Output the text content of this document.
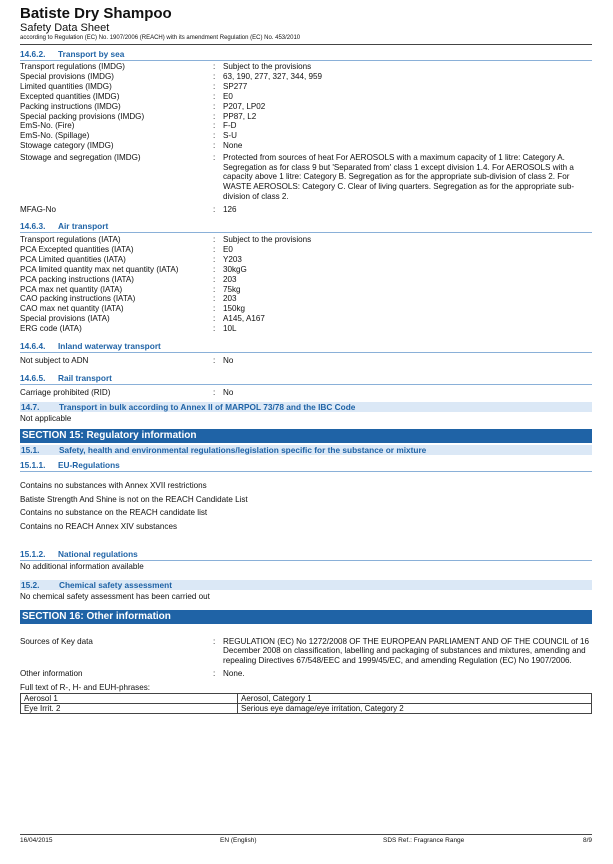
Batiste Dry Shampoo
Safety Data Sheet
according to Regulation (EC) No. 1907/2006 (REACH) with its amendment Regulation (EC) No. 453/2010
14.6.2. Transport by sea
Transport regulations (IMDG)	: Subject to the provisions
Special provisions (IMDG)	: 63, 190, 277, 327, 344, 959
Limited quantities (IMDG)	: SP277
Excepted quantities (IMDG)	: E0
Packing instructions (IMDG)	: P207, LP02
Special packing provisions (IMDG)	: PP87, L2
EmS-No. (Fire)	: F-D
EmS-No. (Spillage)	: S-U
Stowage category (IMDG)	: None
Stowage and segregation (IMDG)	: Protected from sources of heat For AEROSOLS with a maximum capacity of 1 litre: Category A. Segregation as for class 9 but 'Separated from' class 1 except division 1.4. For AEROSOLS with a capacity above 1 litre: Category B. Segregation as for the appropriate sub-division of class 2. For WASTE AEROSOLS: Category C. Clear of living quarters. Segregation as for the appropriate sub-division of class 2.
MFAG-No	: 126
14.6.3. Air transport
Transport regulations (IATA)	: Subject to the provisions
PCA Excepted quantities (IATA)	: E0
PCA Limited quantities (IATA)	: Y203
PCA limited quantity max net quantity (IATA)	: 30kgG
PCA packing instructions (IATA)	: 203
PCA max net quantity (IATA)	: 75kg
CAO packing instructions (IATA)	: 203
CAO max net quantity (IATA)	: 150kg
Special provisions (IATA)	: A145, A167
ERG code (IATA)	: 10L
14.6.4. Inland waterway transport
Not subject to ADN	: No
14.6.5. Rail transport
Carriage prohibited (RID)	: No
14.7. Transport in bulk according to Annex II of MARPOL 73/78 and the IBC Code
Not applicable
SECTION 15: Regulatory information
15.1. Safety, health and environmental regulations/legislation specific for the substance or mixture
15.1.1. EU-Regulations
Contains no substances with Annex XVII restrictions
Batiste Strength And Shine is not on the REACH Candidate List
Contains no substance on the REACH candidate list
Contains no REACH Annex XIV substances
15.1.2. National regulations
No additional information available
15.2. Chemical safety assessment
No chemical safety assessment has been carried out
SECTION 16: Other information
Sources of Key data	: REGULATION (EC) No 1272/2008 OF THE EUROPEAN PARLIAMENT AND OF THE COUNCIL of 16 December 2008 on classification, labelling and packaging of substances and mixtures, amending and repealing Directives 67/548/EEC and 1999/45/EC, and amending Regulation (EC) No 1907/2006.
Other information	: None.
Full text of R-, H- and EUH-phrases:
Aerosol 1	Aerosol, Category 1
Eye Irrit. 2	Serious eye damage/eye irritation, Category 2
16/04/2015	EN (English)	SDS Ref.: Fragrance Range	8/9
